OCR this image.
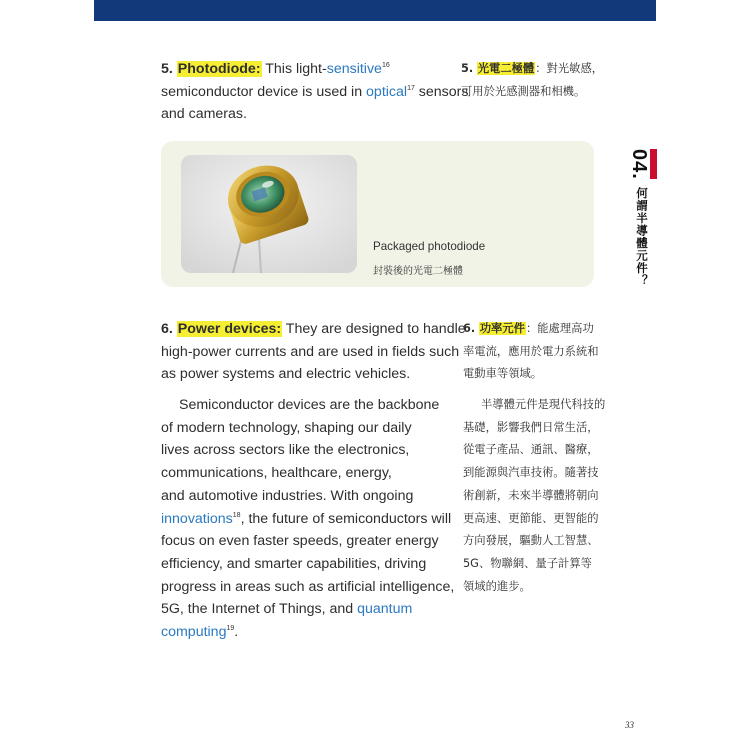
5. Photodiode: This light-sensitive$^{16}$
semiconductor device is used in optical$^{17}$ sensors
and cameras.
5. 光電二極體：對光敏感，
可用於光感測器和相機。
Packaged photodiode
封裝後的光電二極體
6. Power devices: They are designed to handle
high-power currents and are used in fields such
as power systems and electric vehicles.
6. 功率元件：能處理高功
率電流，應用於電力系統和
電動車等領域。
Semiconductor devices are the backbone
of modern technology, shaping our daily
lives across sectors like the electronics,
communications, healthcare, energy,
and automotive industries. With ongoing
innovations$^{18}$, the future of semiconductors will
focus on even faster speeds, greater energy
efficiency, and smarter capabilities, driving
progress in areas such as artificial intelligence,
5G, the Internet of Things, and quantum
computing$^{19}$.
半導體元件是現代科技的
基礎，影響我們日常生活，
從電子產品、通訊、醫療，
到能源與汽車技術。隨著技
術創新，未來半導體將朝向
更高速、更節能、更智能的
方向發展，驅動人工智慧、
5G、物聯網、量子計算等
領域的進步。
04.
何謂半導體元件？
33
